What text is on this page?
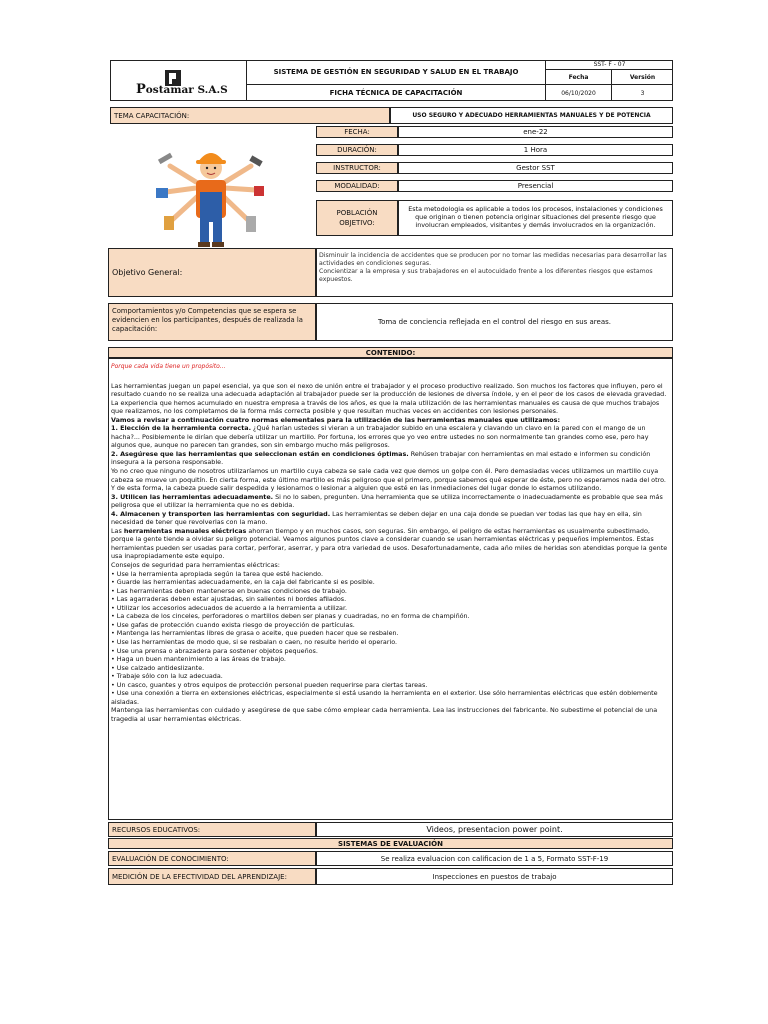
Postamar S.A.S
SISTEMA DE GESTIÓN EN SEGURIDAD Y SALUD EN EL TRABAJO
FICHA TÉCNICA DE CAPACITACIÓN
SST- F - 07
Fecha	Versión
06/10/2020	3
TEMA CAPACITACIÓN:	USO SEGURO Y ADECUADO HERRAMIENTAS MANUALES Y DE POTENCIA
FECHA:	ene-22
DURACIÓN:	1 Hora
INSTRUCTOR:	Gestor SST
MODALIDAD:	Presencial
POBLACIÓN OBJETIVO:
Esta metodologia es aplicable a todos los procesos, instalaciones y condiciones que originan o tienen potencia originar situaciones del presente riesgo que involucran empleados, visitantes y demás involucrados en la organización.
Objetivo General:

Disminuir la incidencia de accidentes que se producen por no tomar las medidas necesarias para desarrollar las actividades en condiciones seguras.

Concientizar a la empresa y sus trabajadores en el autocuidado frente a los diferentes riesgos que estamos expuestos.

Comportamientos y/o Competencias que se espera se evidencien en los participantes, después de realizada la capacitación:
Toma de conciencia reflejada en el control del riesgo en sus areas.
CONTENIDO:

Porque cada vida tiene un propósito...

Las herramientas juegan un papel esencial, ya que son el nexo de unión entre el trabajador y el proceso productivo realizado. Son muchos los factores que influyen, pero el resultado cuando no se realiza una adecuada adaptación al trabajador puede ser la producción de lesiones de diversa índole, y en el peor de los casos de elevada gravedad. La experiencia que hemos acumulado en nuestra empresa a través de los años, es que la mala utilización de las herramientas manuales es causa de que muchos trabajos que realizamos, no los completamos de la forma más correcta posible y que resultan muchas veces en accidentes con lesiones personales.

Vamos a revisar a continuación cuatro normas elementales para la utilización de las herramientas manuales que utilizamos:

1. Elección de la herramienta correcta. ¿Qué harían ustedes si vieran a un trabajador subido en una escalera y clavando un clavo en la pared con el mango de un hacha?... Posiblemente le dirían que debería utilizar un martillo. Por fortuna, los errores que yo veo entre ustedes no son normalmente tan grandes como ese, pero hay algunos que, aunque no parecen tan grandes, son sin embargo mucho más peligrosos.

2. Asegúrese que las herramientas que seleccionan están en condiciones óptimas. Rehúsen trabajar con herramientas en mal estado e informen su condición insegura a la persona responsable.

Yo no creo que ninguno de nosotros utilizaríamos un martillo cuya cabeza se sale cada vez que demos un golpe con él. Pero demasiadas veces utilizamos un martillo cuya cabeza se mueve un poquitín. En cierta forma, este último martillo es más peligroso que el primero, porque sabemos qué esperar de éste, pero no esperamos nada del otro. Y de esta forma, la cabeza puede salir despedida y lesionarnos o lesionar a alguien que esté en las inmediaciones del lugar donde lo estamos utilizando.

3. Utilicen las herramientas adecuadamente. Si no lo saben, pregunten. Una herramienta que se utiliza incorrectamente o inadecuadamente es probable que sea más peligrosa que el utilizar la herramienta que no es debida.

4. Almacenen y transporten las herramientas con seguridad. Las herramientas se deben dejar en una caja donde se puedan ver todas las que hay en ella, sin necesidad de tener que revolverlas con la mano.

Las herramientas manuales eléctricas ahorran tiempo y en muchos casos, son seguras. Sin embargo, el peligro de estas herramientas es usualmente subestimado, porque la gente tiende a olvidar su peligro potencial. Veamos algunos puntos clave a considerar cuando se usan herramientas eléctricas y pequeños implementos. Estas herramientas pueden ser usadas para cortar, perforar, aserrar, y para otra variedad de usos. Desafortunadamente, cada año miles de heridas son atendidas porque la gente usa inapropiadamente este equipo.

Consejos de seguridad para herramientas eléctricas:

• Use la herramienta apropiada según la tarea que esté haciendo.

• Guarde las herramientas adecuadamente, en la caja del fabricante si es posible.

• Las herramientas deben mantenerse en buenas condiciones de trabajo.

• Las agarraderas deben estar ajustadas, sin salientes ni bordes afilados.

• Utilizar los accesorios adecuados de acuerdo a la herramienta a utilizar.

• La cabeza de los cinceles, perforadores o martillos deben ser planas y cuadradas, no en forma de champiñón.

• Use gafas de protección cuando exista riesgo de proyección de partículas.

• Mantenga las herramientas libres de grasa o aceite, que pueden hacer que se resbalen.

• Use las herramientas de modo que, si se resbalan o caen, no resulte herido el operario.

• Use una prensa o abrazadera para sostener objetos pequeños.

• Haga un buen mantenimiento a las áreas de trabajo.

• Use calzado antideslizante.

• Trabaje sólo con la luz adecuada.

• Un casco, guantes y otros equipos de protección personal pueden requerirse para ciertas tareas.

• Use una conexión a tierra en extensiones eléctricas, especialmente si está usando la herramienta en el exterior. Use sólo herramientas eléctricas que estén doblemente aisladas.

Mantenga las herramientas con cuidado y asegúrese de que sabe cómo emplear cada herramienta. Lea las instrucciones del fabricante. No subestime el potencial de una tragedia al usar herramientas eléctricas.

RECURSOS EDUCATIVOS:	Videos, presentacion power point.
SISTEMAS DE EVALUACIÓN
EVALUACIÓN DE CONOCIMIENTO:	Se realiza evaluacion con calificacion de 1 a 5, Formato SST-F-19
MEDICIÓN DE LA EFECTIVIDAD DEL APRENDIZAJE:	Inspecciones en puestos de trabajo
